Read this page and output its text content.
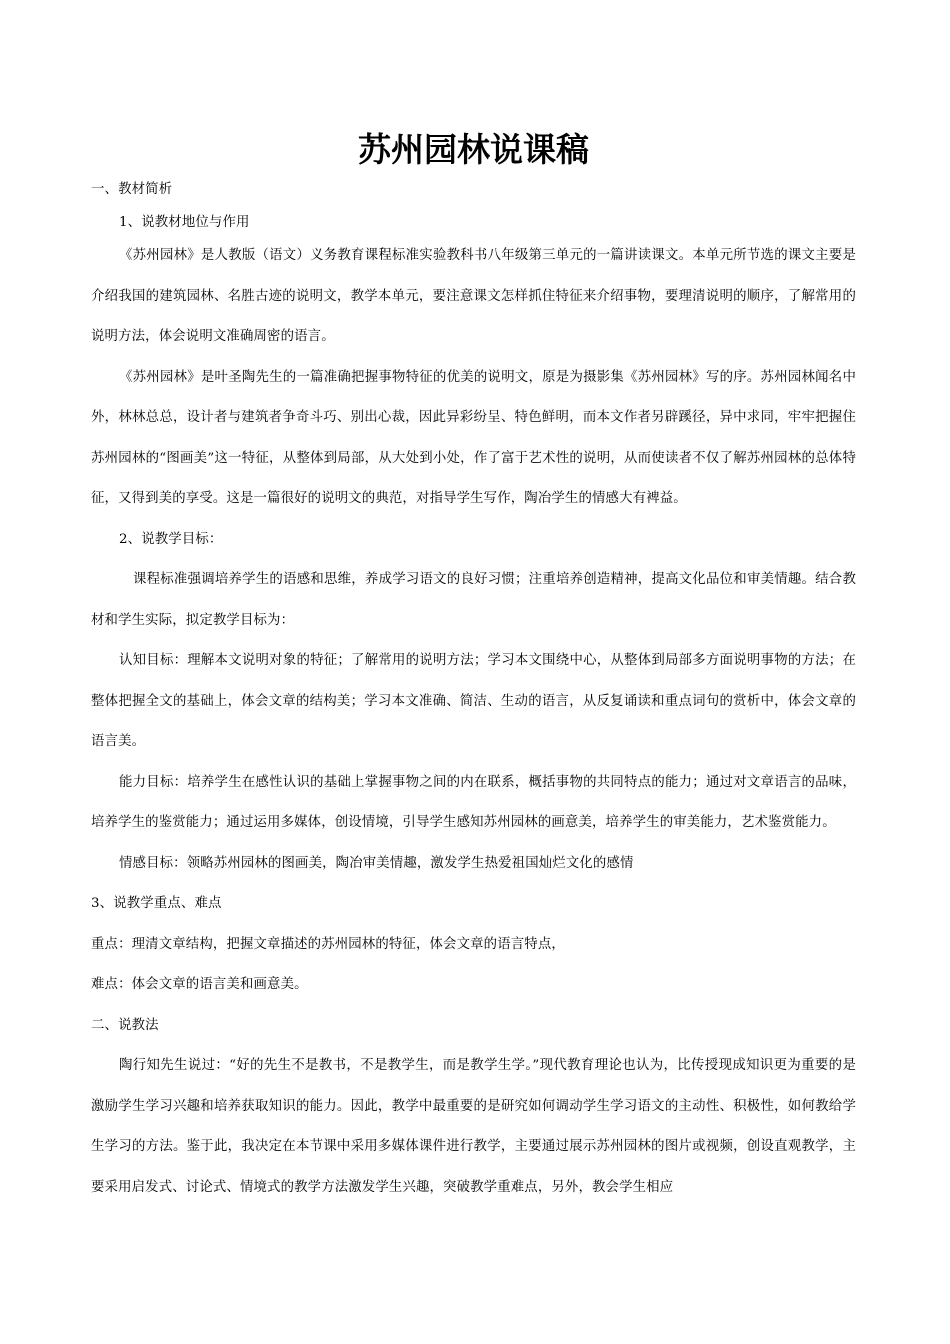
苏州园林说课稿

一、教材简析

1、说教材地位与作用

《苏州园林》是人教版（语文）义务教育课程标准实验教科书八年级第三单元的一篇讲读课文。本单元所节选的课文主要是介绍我国的建筑园林、名胜古迹的说明文，教学本单元，要注意课文怎样抓住特征来介绍事物，要理清说明的顺序，了解常用的说明方法，体会说明文准确周密的语言。

《苏州园林》是叶圣陶先生的一篇准确把握事物特征的优美的说明文，原是为摄影集《苏州园林》写的序。苏州园林闻名中外，林林总总，设计者与建筑者争奇斗巧、别出心裁，因此异彩纷呈、特色鲜明，而本文作者另辟蹊径，异中求同，牢牢把握住苏州园林的“图画美”这一特征，从整体到局部，从大处到小处，作了富于艺术性的说明，从而使读者不仅了解苏州园林的总体特征，又得到美的享受。这是一篇很好的说明文的典范，对指导学生写作，陶冶学生的情感大有裨益。

2、说教学目标：

课程标准强调培养学生的语感和思维，养成学习语文的良好习惯；注重培养创造精神，提高文化品位和审美情趣。结合教材和学生实际，拟定教学目标为：

认知目标：理解本文说明对象的特征；了解常用的说明方法；学习本文围绕中心，从整体到局部多方面说明事物的方法；在整体把握全文的基础上，体会文章的结构美；学习本文准确、简洁、生动的语言，从反复诵读和重点词句的赏析中，体会文章的语言美。

能力目标：培养学生在感性认识的基础上掌握事物之间的内在联系，概括事物的共同特点的能力；通过对文章语言的品味，培养学生的鉴赏能力；通过运用多媒体，创设情境，引导学生感知苏州园林的画意美，培养学生的审美能力，艺术鉴赏能力。

情感目标：领略苏州园林的图画美，陶冶审美情趣，激发学生热爱祖国灿烂文化的感情

3、说教学重点、难点

重点：理清文章结构，把握文章描述的苏州园林的特征，体会文章的语言特点，

难点：体会文章的语言美和画意美。

二、说教法

陶行知先生说过：“好的先生不是教书，不是教学生，而是教学生学。”现代教育理论也认为，比传授现成知识更为重要的是激励学生学习兴趣和培养获取知识的能力。因此，教学中最重要的是研究如何调动学生学习语文的主动性、积极性，如何教给学生学习的方法。鉴于此，我决定在本节课中采用多媒体课件进行教学，主要通过展示苏州园林的图片或视频，创设直观教学，主要采用启发式、讨论式、情境式的教学方法激发学生兴趣，突破教学重难点，另外，教会学生相应
